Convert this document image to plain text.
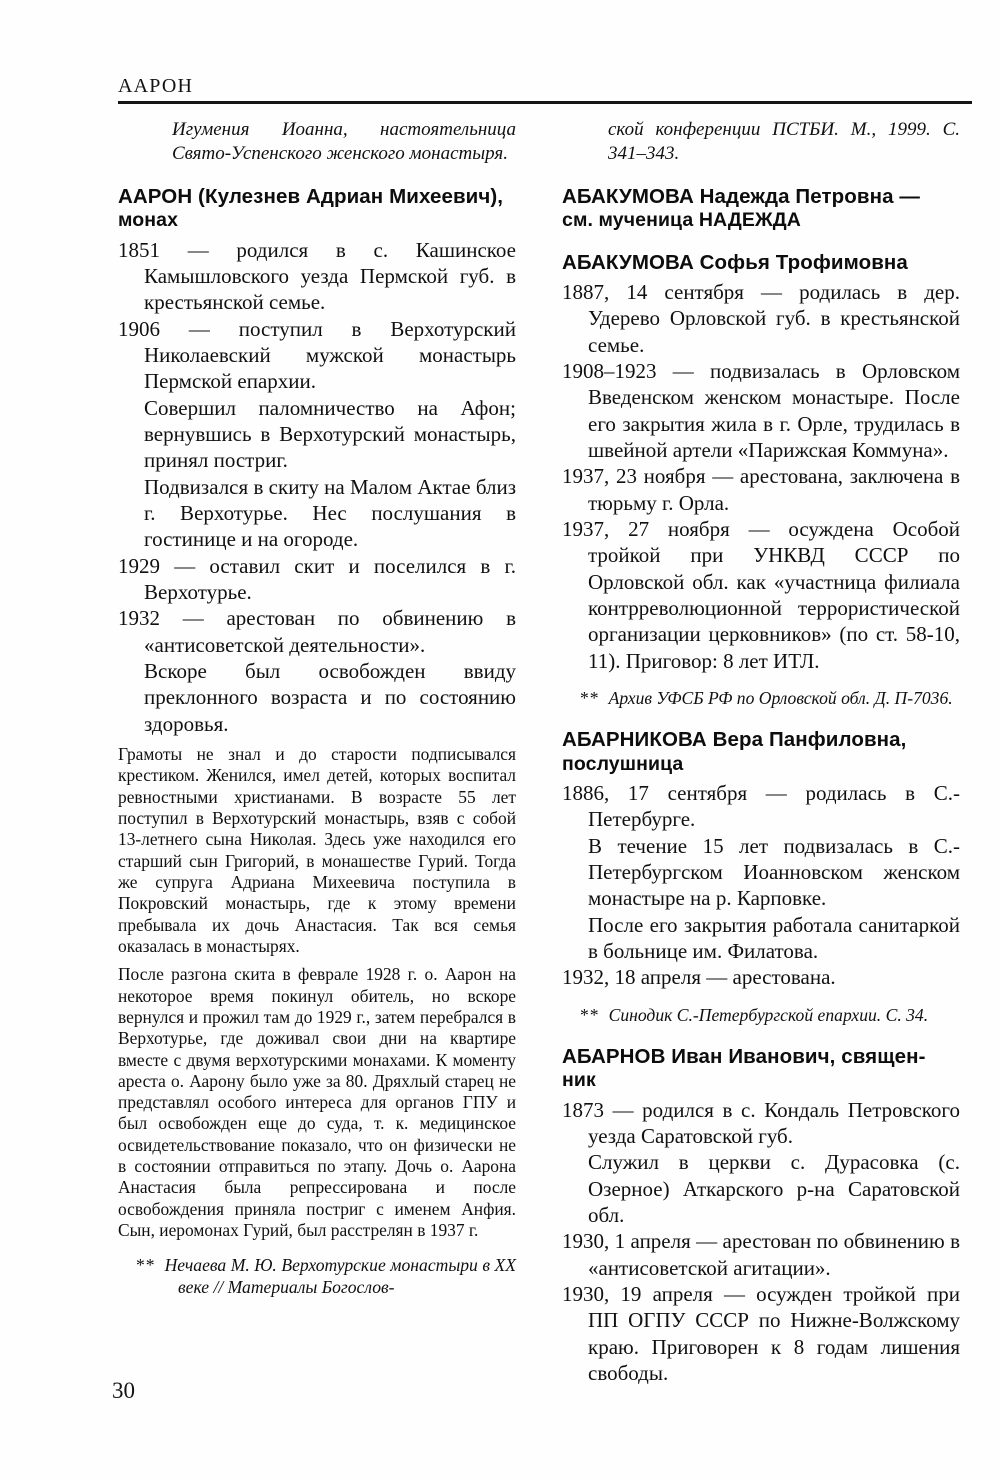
ААРОН
Игумения Иоанна, настоятельница Свято-Успенского женского монастыря.
ААРОН (Кулезнев Адриан Михеевич),
монах

1851 — родился в с. Кашинское Камышловского уезда Пермской губ. в крестьянской семье.

1906 — поступил в Верхотурский Николаевский мужской монастырь Пермской епархии.

Совершил паломничество на Афон; вернувшись в Верхотурский монастырь, принял постриг.

Подвизался в скиту на Малом Актае близ г. Верхотурье. Нес послушания в гостинице и на огороде.

1929 — оставил скит и поселился в г. Верхотурье.

1932 — арестован по обвинению в «антисоветской деятельности».

Вскоре был освобожден ввиду преклонного возраста и по состоянию здоровья.

Грамоты не знал и до старости подписывался крестиком. Женился, имел детей, которых воспитал ревностными христианами. В возрасте 55 лет поступил в Верхотурский монастырь, взяв с собой 13-летнего сына Николая. Здесь уже находился его старший сын Григорий, в монашестве Гурий. Тогда же супруга Адриана Михеевича поступила в Покровский монастырь, где к этому времени пребывала их дочь Анастасия. Так вся семья оказалась в монастырях.

После разгона скита в феврале 1928 г. о. Аарон на некоторое время покинул обитель, но вскоре вернулся и прожил там до 1929 г., затем перебрался в Верхотурье, где доживал свои дни на квартире вместе с двумя верхотурскими монахами. К моменту ареста о. Аарону было уже за 80. Дряхлый старец не представлял особого интереса для органов ГПУ и был освобожден еще до суда, т. к. медицинское освидетельствование показало, что он физически не в состоянии отправиться по этапу. Дочь о. Аарона Анастасия была репрессирована и после освобождения приняла постриг с именем Анфия. Сын, иеромонах Гурий, был расстрелян в 1937 г.

** Нечаева М. Ю. Верхотурские монастыри в XX веке // Материалы Богослов-

ской конференции ПСТБИ. М., 1999. С. 341–343.
АБАКУМОВА Надежда Петровна —
см. мученица НАДЕЖДА
АБАКУМОВА Софья Трофимовна

1887, 14 сентября — родилась в дер. Удерево Орловской губ. в крестьянской семье.

1908–1923 — подвизалась в Орловском Введенском женском монастыре. После его закрытия жила в г. Орле, трудилась в швейной артели «Парижская Коммуна».

1937, 23 ноября — арестована, заключена в тюрьму г. Орла.

1937, 27 ноября — осуждена Особой тройкой при УНКВД СССР по Орловской обл. как «участница филиала контрреволюционной террористической организации церковников» (по ст. 58-10, 11). Приговор: 8 лет ИТЛ.

** Архив УФСБ РФ по Орловской обл. Д. П-7036.

АБАРНИКОВА Вера Панфиловна,
послушница

1886, 17 сентября — родилась в С.-Петербурге.

В течение 15 лет подвизалась в С.-Петербургском Иоанновском женском монастыре на р. Карповке.

После его закрытия работала санитаркой в больнице им. Филатова.

1932, 18 апреля — арестована.

** Синодик С.-Петербургской епархии. С. 34.

АБАРНОВ Иван Иванович, священ-
ник

1873 — родился в с. Кондаль Петровского уезда Саратовской губ.

Служил в церкви с. Дурасовка (с. Озерное) Аткарского р-на Саратовской обл.

1930, 1 апреля — арестован по обвинению в «антисоветской агитации».

1930, 19 апреля — осужден тройкой при ПП ОГПУ СССР по Нижне-Волжскому краю. Приговорен к 8 годам лишения свободы.

30
